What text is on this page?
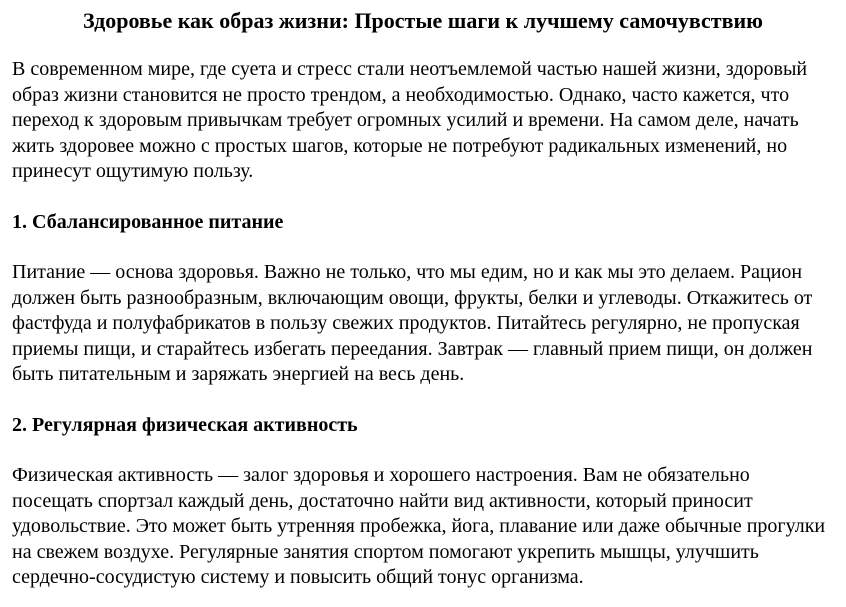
Здоровье как образ жизни: Простые шаги к лучшему самочувствию

В современном мире, где суета и стресс стали неотъемлемой частью нашей жизни, здоровый образ жизни становится не просто трендом, а необходимостью. Однако, часто кажется, что переход к здоровым привычкам требует огромных усилий и времени. На самом деле, начать жить здоровее можно с простых шагов, которые не потребуют радикальных изменений, но принесут ощутимую пользу.

1. Сбалансированное питание

Питание — основа здоровья. Важно не только, что мы едим, но и как мы это делаем. Рацион должен быть разнообразным, включающим овощи, фрукты, белки и углеводы. Откажитесь от фастфуда и полуфабрикатов в пользу свежих продуктов. Питайтесь регулярно, не пропуская приемы пищи, и старайтесь избегать переедания. Завтрак — главный прием пищи, он должен быть питательным и заряжать энергией на весь день.

2. Регулярная физическая активность

Физическая активность — залог здоровья и хорошего настроения. Вам не обязательно посещать спортзал каждый день, достаточно найти вид активности, который приносит удовольствие. Это может быть утренняя пробежка, йога, плавание или даже обычные прогулки на свежем воздухе. Регулярные занятия спортом помогают укрепить мышцы, улучшить сердечно-сосудистую систему и повысить общий тонус организма.
